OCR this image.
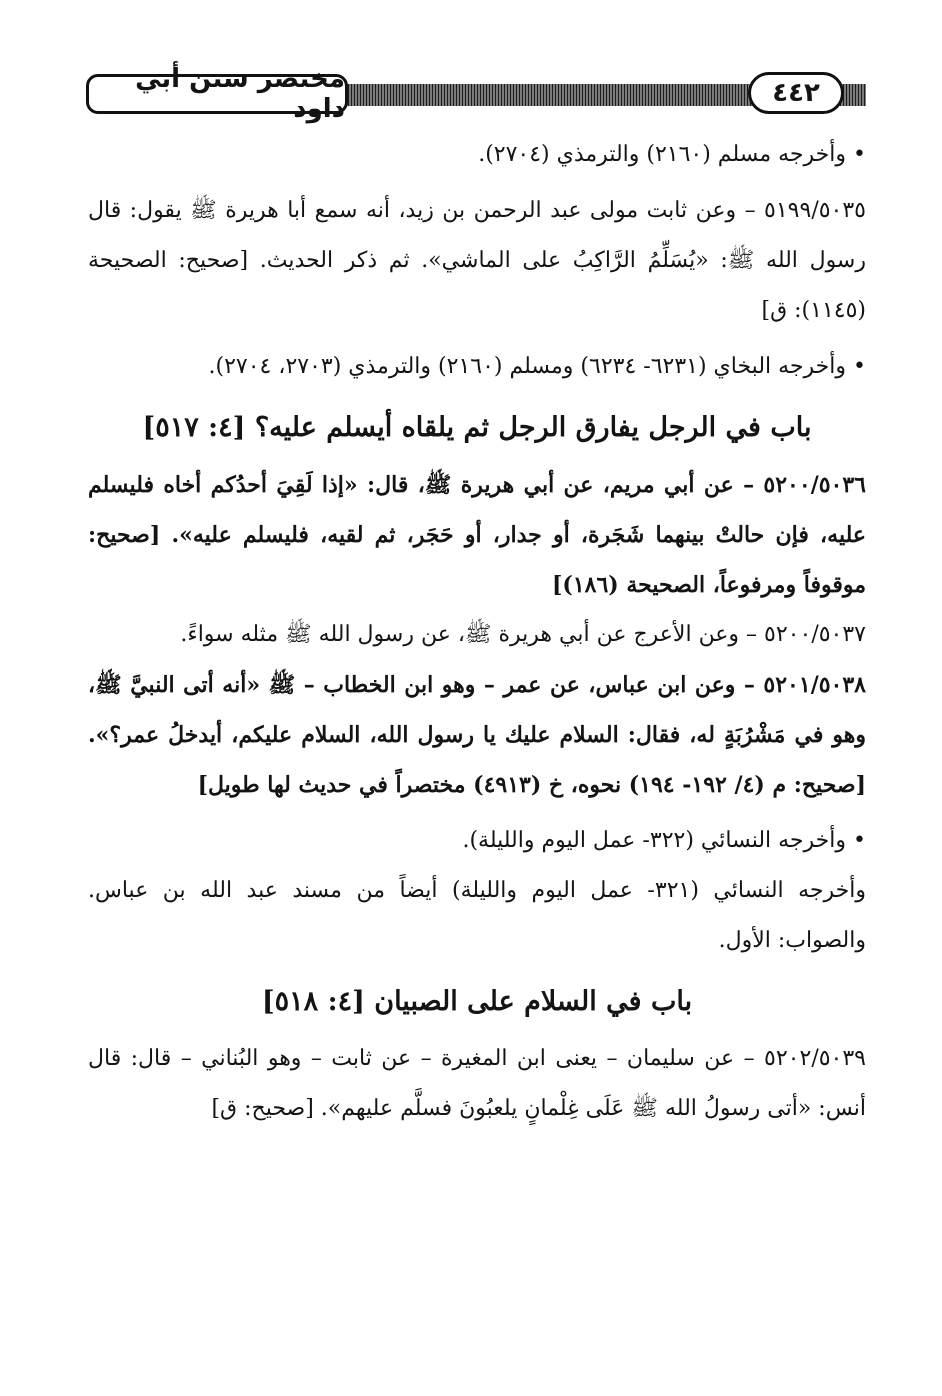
مختصر سنن أبي داود
٤٤٢

• وأخرجه مسلم (٢١٦٠) والترمذي (٢٧٠٤).

٥١٩٩/٥٠٣٥ – وعن ثابت مولى عبد الرحمن بن زيد، أنه سمع أبا هريرة ﷺ يقول: قال رسول الله ﷺ: «يُسَلِّمُ الرَّاكِبُ على الماشي». ثم ذكر الحديث. [صحيح: الصحيحة (١١٤٥): ق]

• وأخرجه البخاي (٦٢٣١- ٦٢٣٤) ومسلم (٢١٦٠) والترمذي (٢٧٠٣، ٢٧٠٤).

باب في الرجل يفارق الرجل ثم يلقاه أيسلم عليه؟ [٤: ٥١٧]

٥٢٠٠/٥٠٣٦ – عن أبي مريم، عن أبي هريرة ﷺ، قال: «إذا لَقِيَ أحدُكم أخاه فليسلم عليه، فإن حالتْ بينهما شَجَرة، أو جدار، أو حَجَر، ثم لقيه، فليسلم عليه». [صحيح: موقوفاً ومرفوعاً، الصحيحة (١٨٦)]

٥٢٠٠/٥٠٣٧ – وعن الأعرج عن أبي هريرة ﷺ، عن رسول الله ﷺ مثله سواءً.

٥٢٠١/٥٠٣٨ – وعن ابن عباس، عن عمر – وهو ابن الخطاب – ﷺ «أنه أتى النبيَّ ﷺ، وهو في مَشْرُبَةٍ له، فقال: السلام عليك يا رسول الله، السلام عليكم، أيدخلُ عمر؟». [صحيح: م (٤/ ١٩٢- ١٩٤) نحوه، خ (٤٩١٣) مختصراً في حديث لها طويل]

• وأخرجه النسائي (٣٢٢- عمل اليوم والليلة).

وأخرجه النسائي (٣٢١- عمل اليوم والليلة) أيضاً من مسند عبد الله بن عباس. والصواب: الأول.

باب في السلام على الصبيان [٤: ٥١٨]

٥٢٠٢/٥٠٣٩ – عن سليمان – يعنى ابن المغيرة – عن ثابت – وهو البُناني – قال: قال أنس: «أتى رسولُ الله ﷺ عَلَى غِلْمانٍ يلعبُونَ فسلَّم عليهم». [صحيح: ق]
